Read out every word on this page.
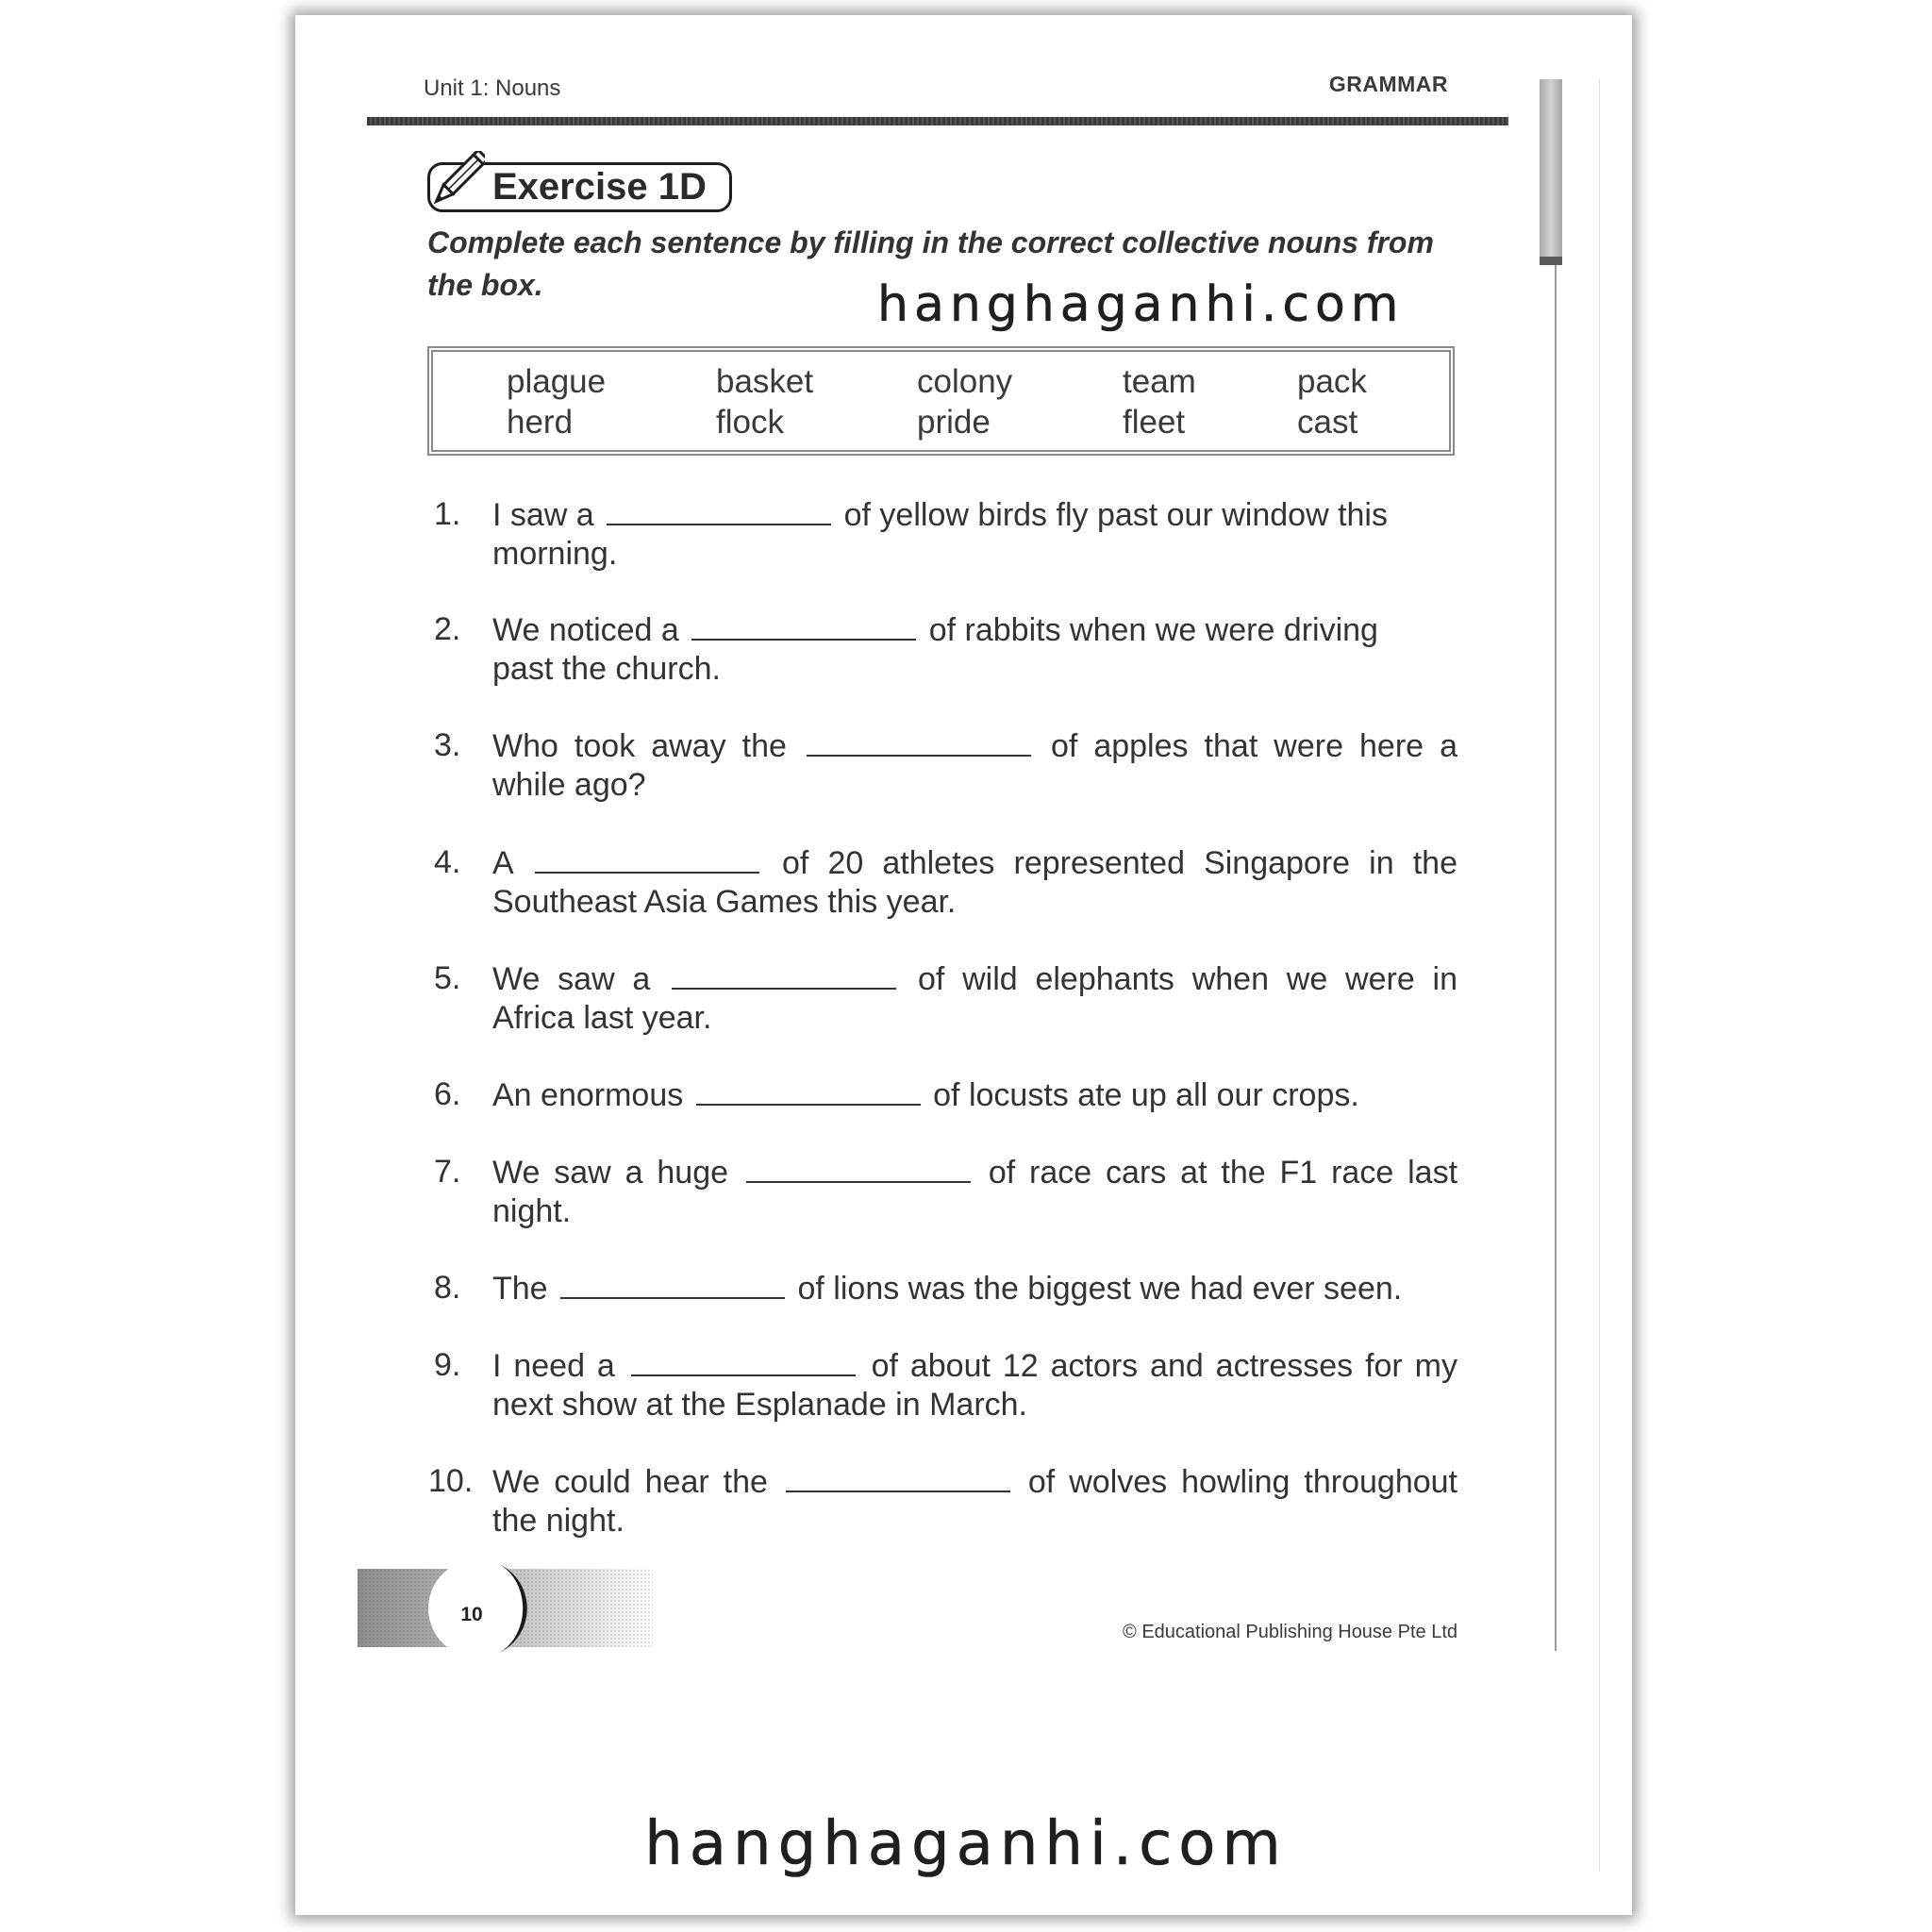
Unit 1: Nouns	GRAMMAR
Exercise 1D
Complete each sentence by filling in the correct collective nouns from the box.	hanghaganhi.com
plague	basket	colony	team	pack
herd	flock	pride	fleet	cast
1. I saw a	of yellow birds fly past our window this
morning.
2. We noticed a	of rabbits when we were driving
past the church.
3. Who took away the	of apples that were here a
while ago?
4. A	of 20 athletes represented Singapore in the
Southeast Asia Games this year.
5. We saw a	of wild elephants when we were in
Africa last year.
6. An enormous	of locusts ate up all our crops.
7. We saw a huge	of race cars at the F1 race last
night.
8. The	of lions was the biggest we had ever seen.
9. I need a	of about 12 actors and actresses for my
next show at the Esplanade in March.
10. We could hear the	of wolves howling throughout
the night.
10
© Educational Publishing House Pte Ltd
hanghaganhi.com
